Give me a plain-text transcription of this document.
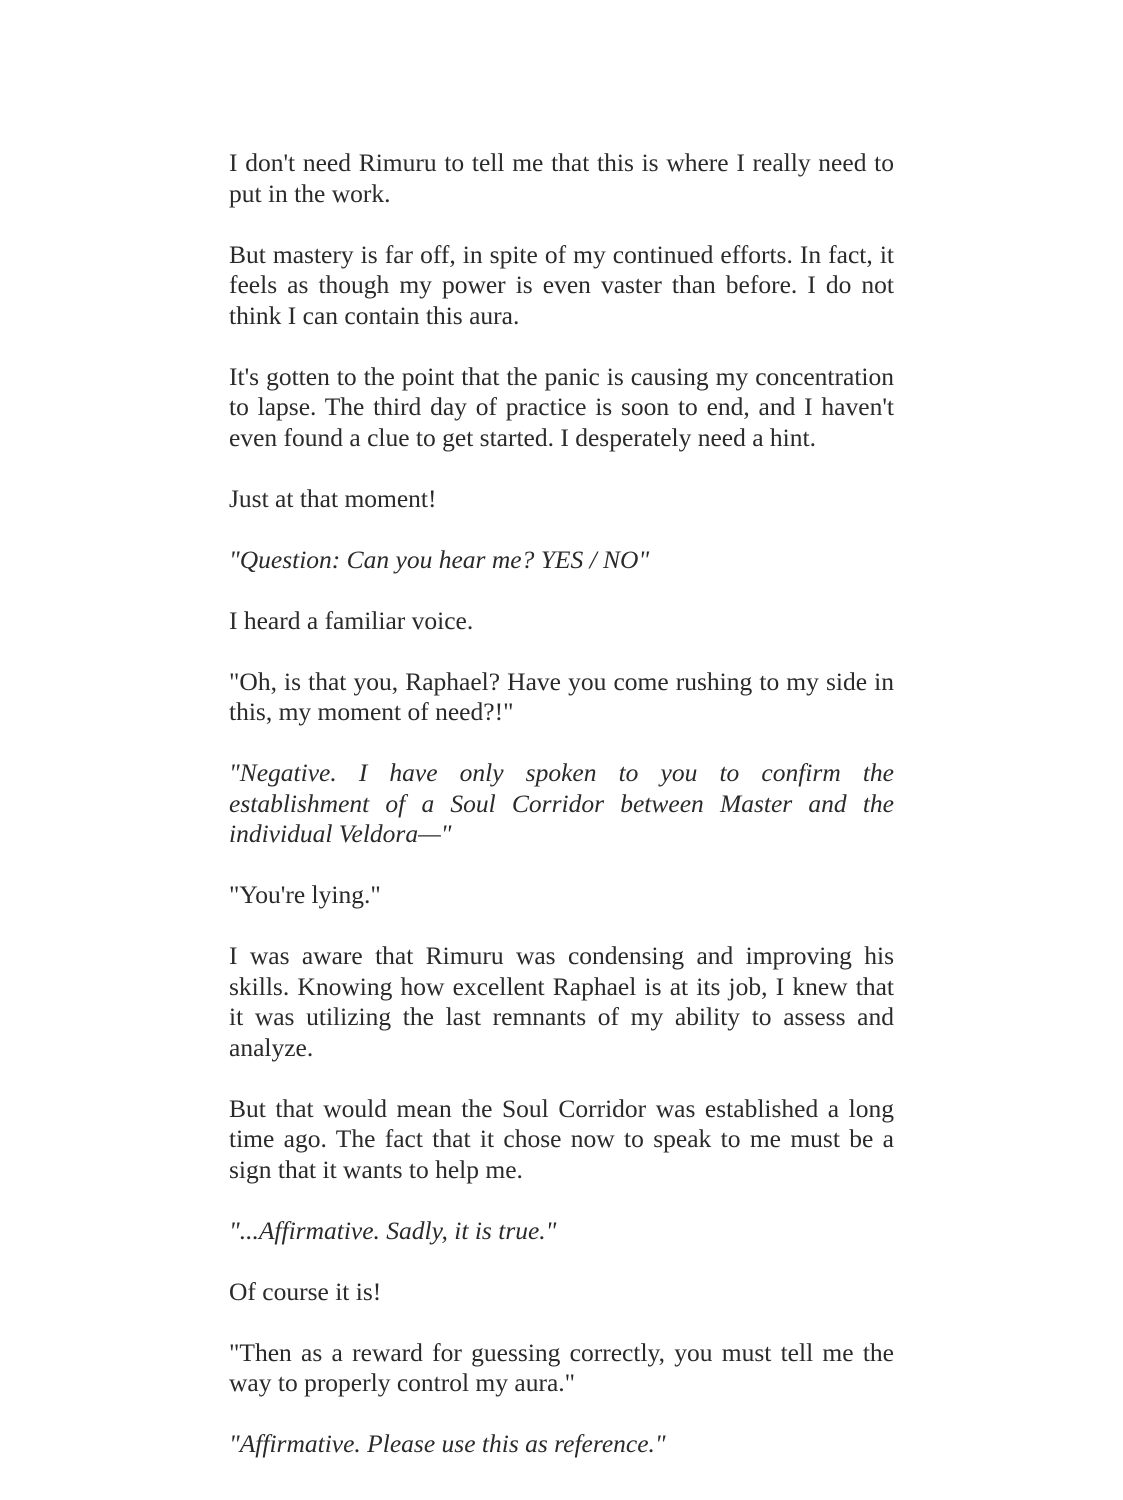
I don't need Rimuru to tell me that this is where I really need to put in the work.

But mastery is far off, in spite of my continued efforts. In fact, it feels as though my power is even vaster than before. I do not think I can contain this aura.

It's gotten to the point that the panic is causing my concentration to lapse. The third day of practice is soon to end, and I haven't even found a clue to get started. I desperately need a hint.

Just at that moment!

"Question: Can you hear me? YES / NO"

I heard a familiar voice.

"Oh, is that you, Raphael? Have you come rushing to my side in this, my moment of need?!"

"Negative. I have only spoken to you to confirm the establishment of a Soul Corridor between Master and the individual Veldora—"

"You're lying."

I was aware that Rimuru was condensing and improving his skills. Knowing how excellent Raphael is at its job, I knew that it was utilizing the last remnants of my ability to assess and analyze.

But that would mean the Soul Corridor was established a long time ago. The fact that it chose now to speak to me must be a sign that it wants to help me.

"...Affirmative. Sadly, it is true."

Of course it is!

"Then as a reward for guessing correctly, you must tell me the way to properly control my aura."

"Affirmative. Please use this as reference."
